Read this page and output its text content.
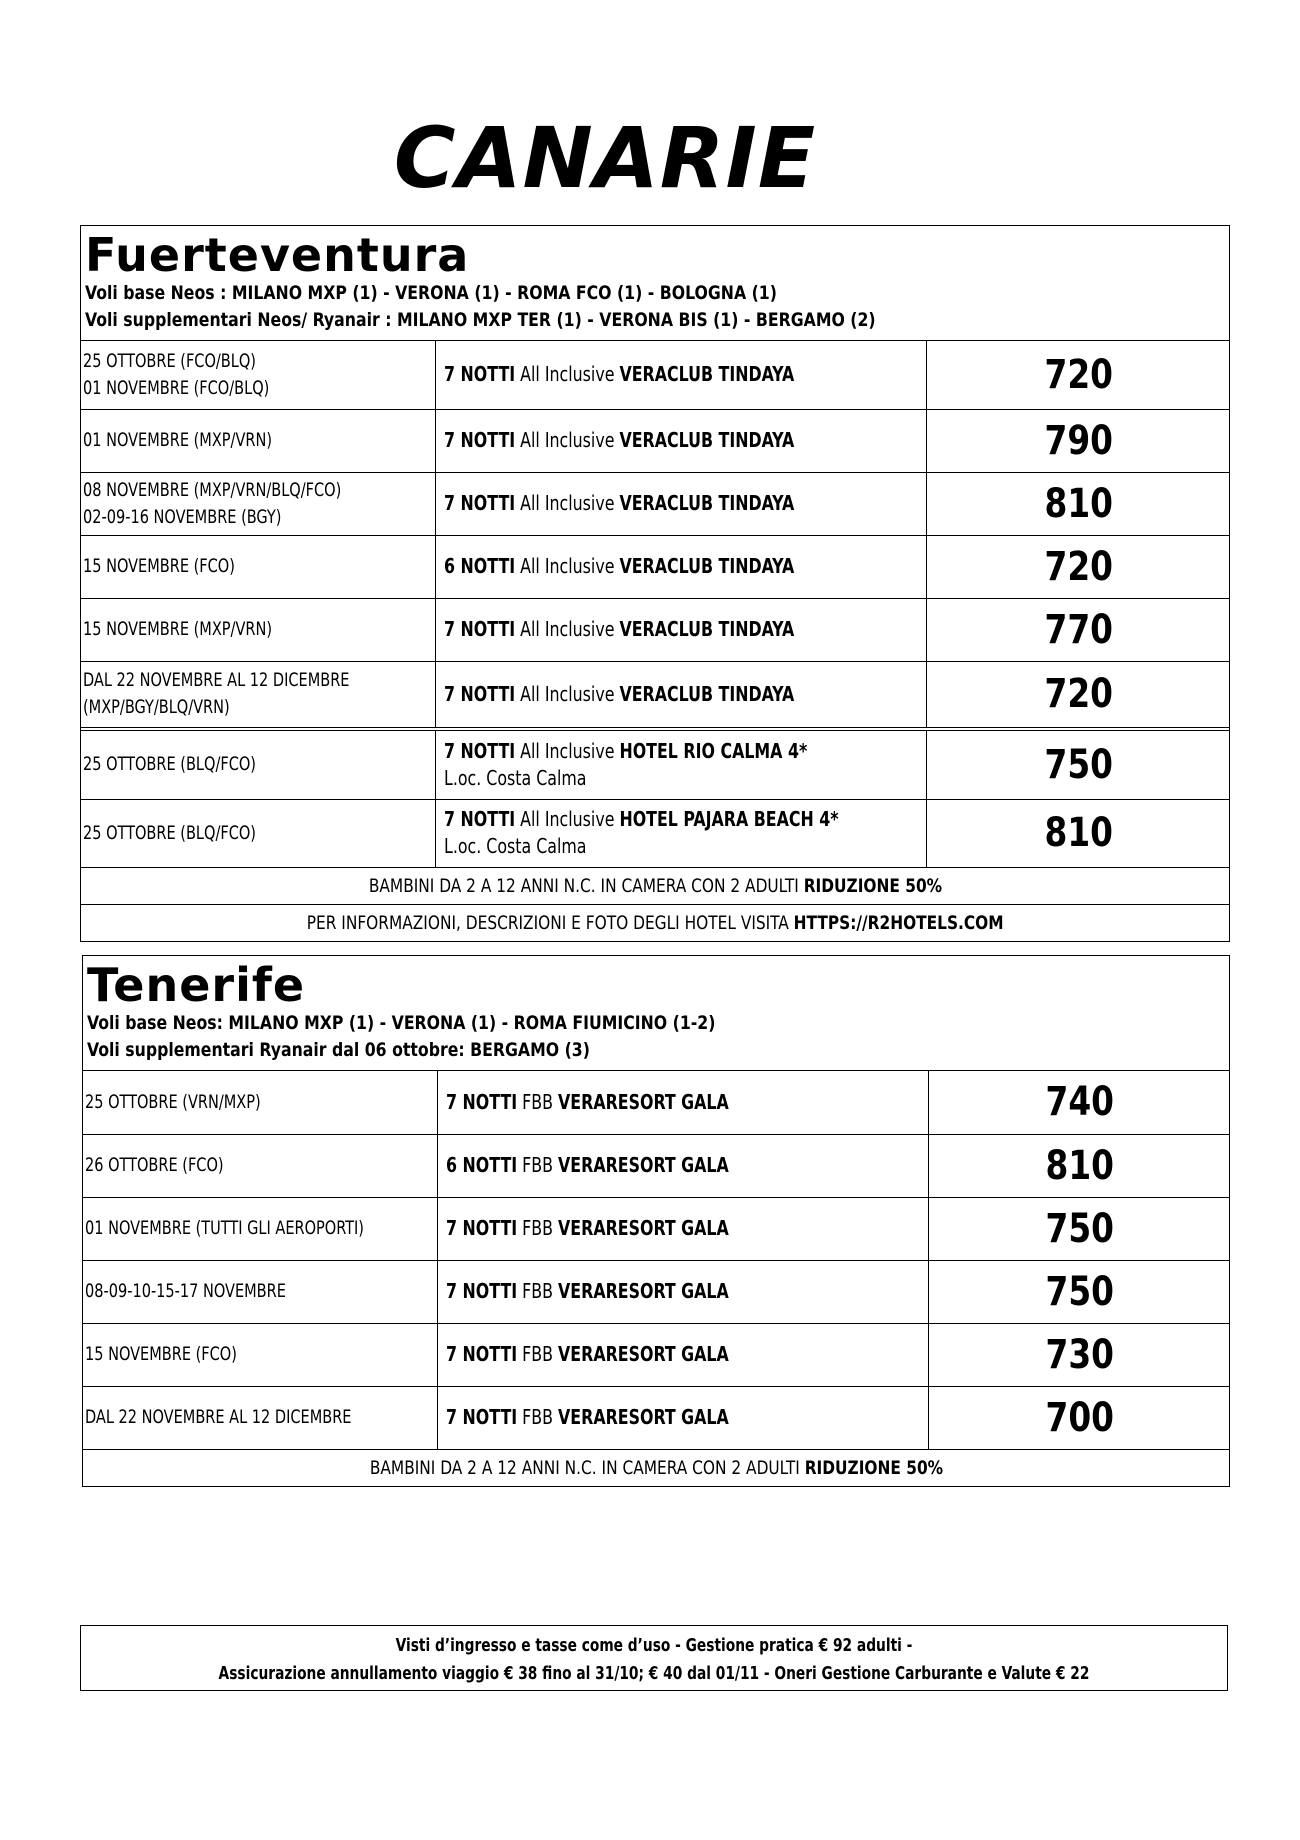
CANARIE
Fuerteventura
Voli base Neos : MILANO MXP (1) - VERONA (1) - ROMA FCO (1) - BOLOGNA (1)
Voli supplementari Neos/ Ryanair : MILANO MXP TER (1) - VERONA BIS (1) - BERGAMO (2)
25 OTTOBRE (FCO/BLQ)
01 NOVEMBRE (FCO/BLQ)	7 NOTTI All Inclusive VERACLUB TINDAYA	720

01 NOVEMBRE (MXP/VRN)	7 NOTTI All Inclusive VERACLUB TINDAYA	790

08 NOVEMBRE (MXP/VRN/BLQ/FCO)
02-09-16 NOVEMBRE (BGY)	7 NOTTI All Inclusive VERACLUB TINDAYA	810

15 NOVEMBRE (FCO)	6 NOTTI All Inclusive VERACLUB TINDAYA	720

15 NOVEMBRE (MXP/VRN)	7 NOTTI All Inclusive VERACLUB TINDAYA	770

DAL 22 NOVEMBRE AL 12 DICEMBRE
(MXP/BGY/BLQ/VRN)	7 NOTTI All Inclusive VERACLUB TINDAYA	720

25 OTTOBRE (BLQ/FCO)	7 NOTTI All Inclusive HOTEL RIO CALMA 4*
L.oc. Costa Calma	750

25 OTTOBRE (BLQ/FCO)	7 NOTTI All Inclusive HOTEL PAJARA BEACH 4*
L.oc. Costa Calma	810
BAMBINI DA 2 A 12 ANNI N.C. IN CAMERA CON 2 ADULTI RIDUZIONE 50%
PER INFORMAZIONI, DESCRIZIONI E FOTO DEGLI HOTEL VISITA HTTPS://R2HOTELS.COM
Tenerife
Voli base Neos: MILANO MXP (1) - VERONA (1) - ROMA FIUMICINO (1-2)
Voli supplementari Ryanair dal 06 ottobre: BERGAMO (3)
25 OTTOBRE (VRN/MXP)	7 NOTTI FBB VERARESORT GALA	740

26 OTTOBRE (FCO)	6 NOTTI FBB VERARESORT GALA	810

01 NOVEMBRE (TUTTI GLI AEROPORTI)	7 NOTTI FBB VERARESORT GALA	750

08-09-10-15-17 NOVEMBRE	7 NOTTI FBB VERARESORT GALA	750

15 NOVEMBRE (FCO)	7 NOTTI FBB VERARESORT GALA	730

DAL 22 NOVEMBRE AL 12 DICEMBRE	7 NOTTI FBB VERARESORT GALA	700
BAMBINI DA 2 A 12 ANNI N.C. IN CAMERA CON 2 ADULTI RIDUZIONE 50%
Visti d’ingresso e tasse come d’uso - Gestione pratica € 92 adulti -
Assicurazione annullamento viaggio € 38 fino al 31/10; € 40 dal 01/11 - Oneri Gestione Carburante e Valute € 22
